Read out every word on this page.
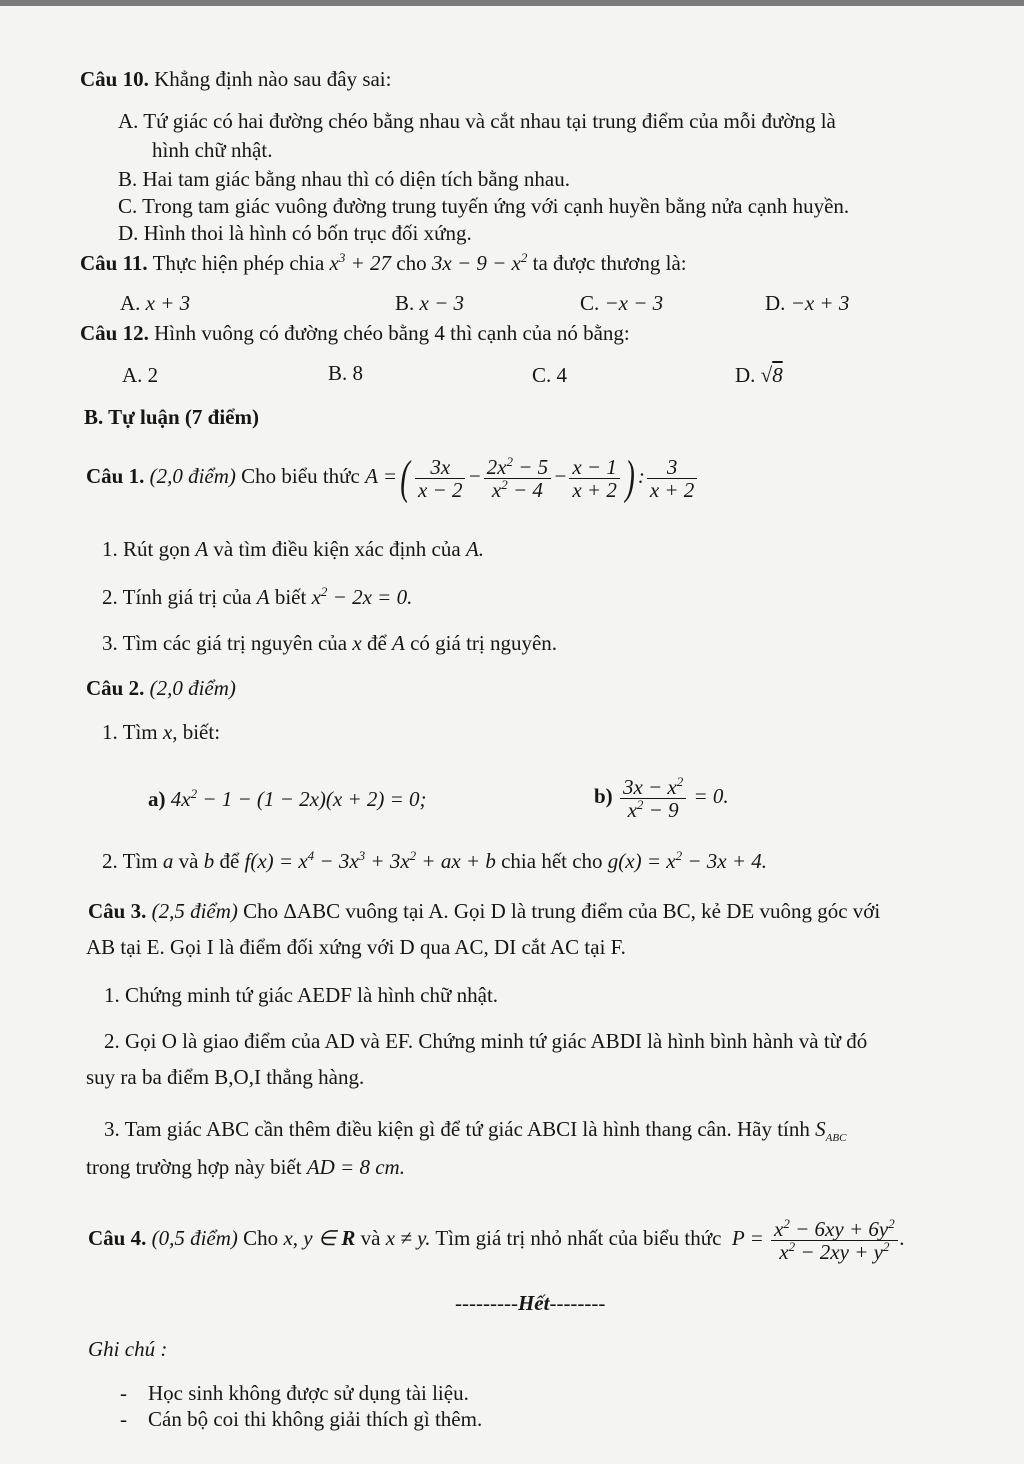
Câu 10. Khẳng định nào sau đây sai:
A. Tứ giác có hai đường chéo bằng nhau và cắt nhau tại trung điểm của mỗi đường là
hình chữ nhật.
B. Hai tam giác bằng nhau thì có diện tích bằng nhau.
C. Trong tam giác vuông đường trung tuyến ứng với cạnh huyền bằng nửa cạnh huyền.
D. Hình thoi là hình có bốn trục đối xứng.
Câu 11. Thực hiện phép chia $x^3 + 27$ cho $3x - 9 - x^2$ ta được thương là:
A. x + 3	B. x − 3	C. −x − 3	D. −x + 3
Câu 12. Hình vuông có đường chéo bằng 4 thì cạnh của nó bằng:
A. 2	B. 8	C. 4	D. √8
B. Tự luận (7 điểm)
Câu 1. (2,0 điểm) Cho biểu thức A =( $\frac{3x}{x - 2} - \frac{2x^2 - 5}{x^2 - 4} - \frac{x - 1}{x + 2}$ ) : $\frac{3}{x + 2}$
1. Rút gọn A và tìm điều kiện xác định của A.
2. Tính giá trị của A biết $x^2 - 2x = 0$.
3. Tìm các giá trị nguyên của x để A có giá trị nguyên.
Câu 2. (2,0 điểm)
1. Tìm x, biết:
a) $4x^2 - 1 - (1 - 2x)(x + 2) = 0$;	$b) \frac{3x - x^2}{x^2 - 9} = 0$.
2. Tìm a và b để $f(x) = x^4 - 3x^3 + 3x^2$ + ax + b chia hết cho $g(x) = x^2 - 3x + 4$.
Câu 3. (2,5 điểm) Cho ΔABC vuông tại A. Gọi D là trung điểm của BC, kẻ DE vuông góc với
AB tại E. Gọi I là điểm đối xứng với D qua AC, DI cắt AC tại F.
1. Chứng minh tứ giác AEDF là hình chữ nhật.
2. Gọi O là giao điểm của AD và EF. Chứng minh tứ giác ABDI là hình bình hành và từ đó
suy ra ba điểm B,O,I thẳng hàng.
3. Tam giác ABC cần thêm điều kiện gì để tứ giác ABCI là hình thang cân. Hãy tính $S_{ABC}$
trong trường hợp này biết AD = 8 cm.
Câu 4. (0,5 điểm) Cho x, y ∈ R và x ≠ y. Tìm giá trị nhỏ nhất của biểu thức  $P = \frac{x^2 - 6xy + 6y^2}{x^2 - 2xy + y^2}$ .
---------Hết--------
Ghi chú :
-    Học sinh không được sử dụng tài liệu.
-    Cán bộ coi thi không giải thích gì thêm.
